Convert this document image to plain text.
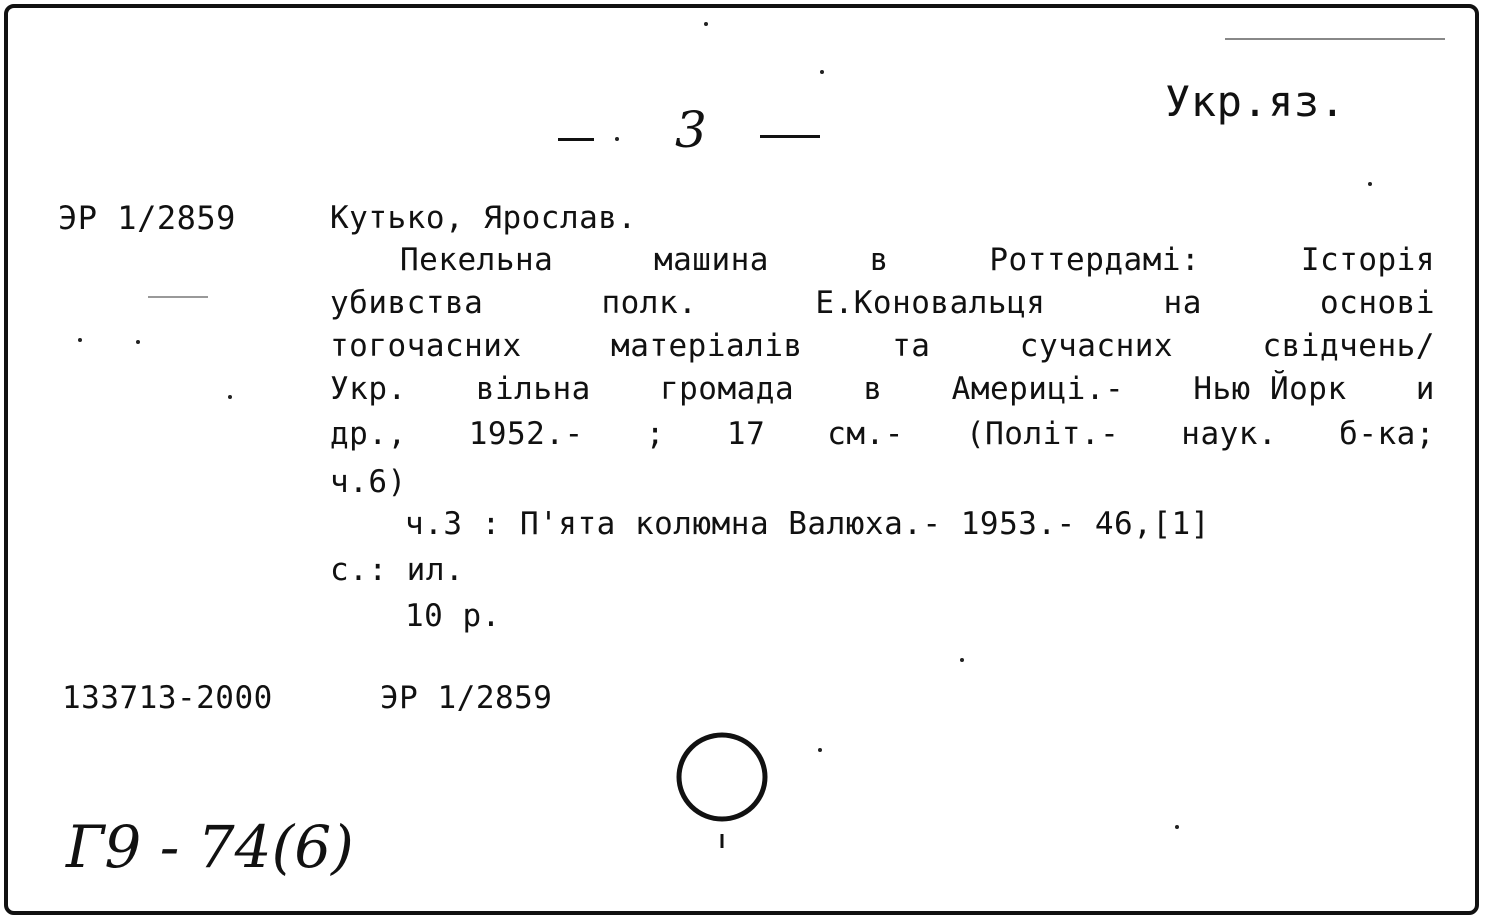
Укр.яз.
3
ЭР 1/2859	Кутько, Ярослав.
Пекельна	машина	в	Роттердамі:	Історія
убивства	полк.	Е.Коновальця	на	основі
тогочасних	матеріалів	та	сучасних	свідчень/
Укр. вільна громада в Америці.- Нью Йорк и
др., 1952.- ; 17 см.- (Політ.- наук. б-ка;
ч.6)
ч.3 : П'ята колюмна Валюха.- 1953.- 46,[1]
с.: ил.
10 р.
133713-2000	ЭР 1/2859
Г9 - 74(6)
